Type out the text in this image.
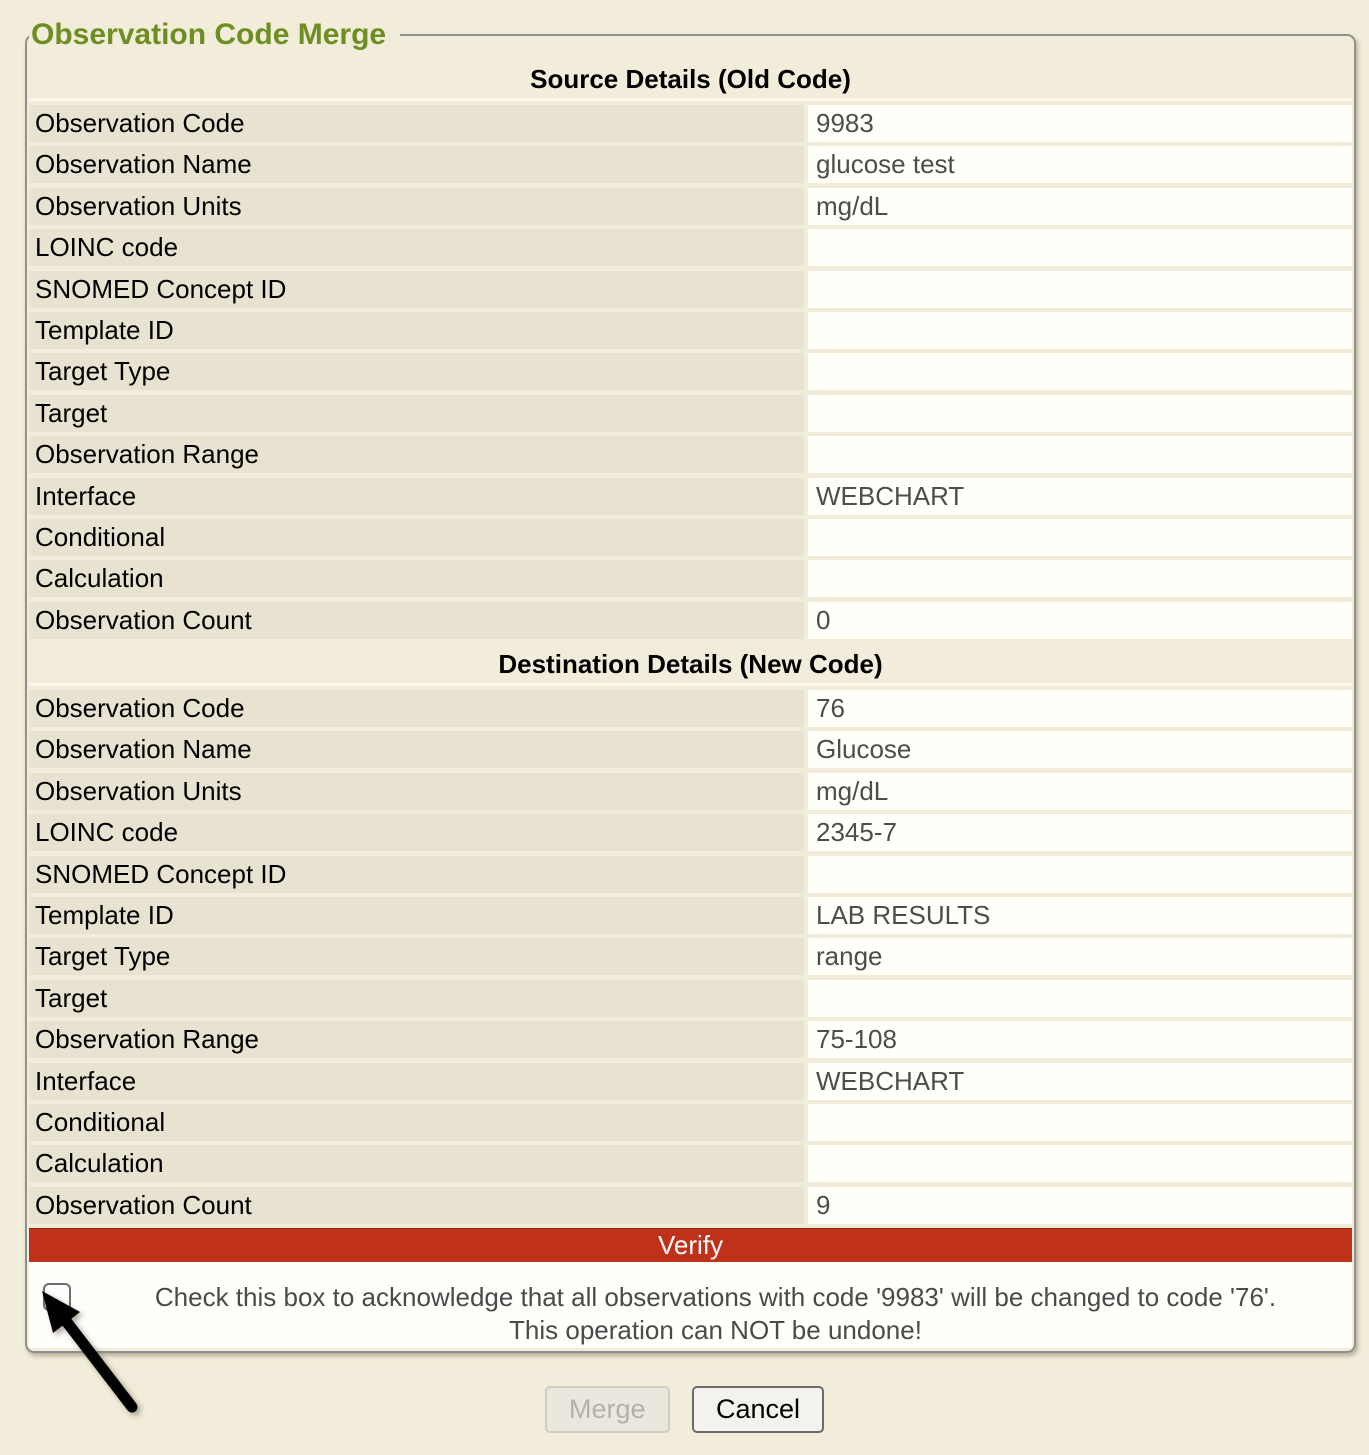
Observation Code Merge
Source Details (Old Code)
Observation Code	9983
Observation Name	glucose test
Observation Units	mg/dL
LOINC code
SNOMED Concept ID
Template ID
Target Type
Target
Observation Range
Interface	WEBCHART
Conditional
Calculation
Observation Count	0
Destination Details (New Code)
Observation Code	76
Observation Name	Glucose
Observation Units	mg/dL
LOINC code	2345-7
SNOMED Concept ID
Template ID	LAB RESULTS
Target Type	range
Target
Observation Range	75-108
Interface	WEBCHART
Conditional
Calculation
Observation Count	9
Verify
Check this box to acknowledge that all observations with code '9983' will be changed to code '76'.
This operation can NOT be undone!
Merge	Cancel
